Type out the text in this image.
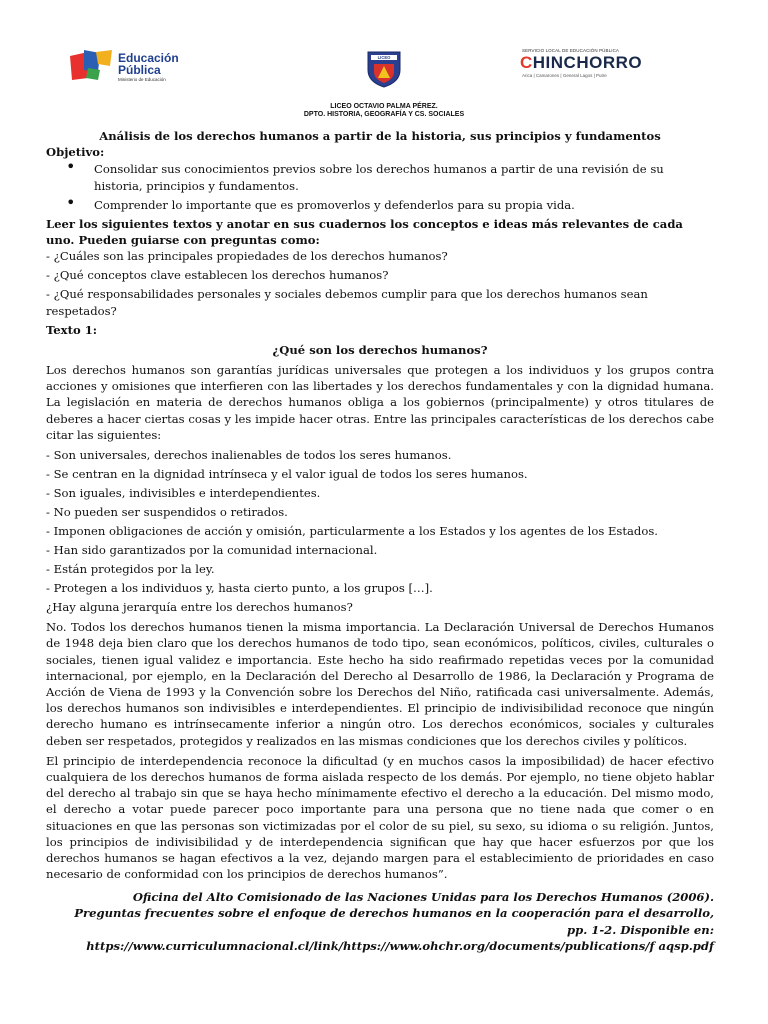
Educación
Pública
Ministerio de Educación
LICEO
SERVICIO LOCAL DE EDUCACIÓN PÚBLICA
CHINCHORRO
Arica | Camarones | General Lagos | Putre
LICEO OCTAVIO PALMA PÉREZ.
DPTO. HISTORIA, GEOGRAFÍA Y CS. SOCIALES

Análisis de los derechos humanos a partir de la historia, sus principios y fundamentos

Objetivo:

• Consolidar sus conocimientos previos sobre los derechos humanos a partir de una revisión de su historia, principios y fundamentos.
• Comprender lo importante que es promoverlos y defenderlos para su propia vida.

Leer los siguientes textos y anotar en sus cuadernos los conceptos e ideas más relevantes de cada uno. Pueden guiarse con preguntas como:

- ¿Cuáles son las principales propiedades de los derechos humanos?

- ¿Qué conceptos clave establecen los derechos humanos?

- ¿Qué responsabilidades personales y sociales debemos cumplir para que los derechos humanos sean respetados?

Texto 1:

¿Qué son los derechos humanos?

Los derechos humanos son garantías jurídicas universales que protegen a los individuos y los grupos contra acciones y omisiones que interfieren con las libertades y los derechos fundamentales y con la dignidad humana. La legislación en materia de derechos humanos obliga a los gobiernos (principalmente) y otros titulares de deberes a hacer ciertas cosas y les impide hacer otras. Entre las principales características de los derechos cabe citar las siguientes:

- Son universales, derechos inalienables de todos los seres humanos.

- Se centran en la dignidad intrínseca y el valor igual de todos los seres humanos.

- Son iguales, indivisibles e interdependientes.

- No pueden ser suspendidos o retirados.

- Imponen obligaciones de acción y omisión, particularmente a los Estados y los agentes de los Estados.

- Han sido garantizados por la comunidad internacional.

- Están protegidos por la ley.

- Protegen a los individuos y, hasta cierto punto, a los grupos […].

¿Hay alguna jerarquía entre los derechos humanos?

No. Todos los derechos humanos tienen la misma importancia. La Declaración Universal de Derechos Humanos de 1948 deja bien claro que los derechos humanos de todo tipo, sean económicos, políticos, civiles, culturales o sociales, tienen igual validez e importancia. Este hecho ha sido reafirmado repetidas veces por la comunidad internacional, por ejemplo, en la Declaración del Derecho al Desarrollo de 1986, la Declaración y Programa de Acción de Viena de 1993 y la Convención sobre los Derechos del Niño, ratificada casi universalmente. Además, los derechos humanos son indivisibles e interdependientes. El principio de indivisibilidad reconoce que ningún derecho humano es intrínsecamente inferior a ningún otro. Los derechos económicos, sociales y culturales deben ser respetados, protegidos y realizados en las mismas condiciones que los derechos civiles y políticos.

El principio de interdependencia reconoce la dificultad (y en muchos casos la imposibilidad) de hacer efectivo cualquiera de los derechos humanos de forma aislada respecto de los demás. Por ejemplo, no tiene objeto hablar del derecho al trabajo sin que se haya hecho mínimamente efectivo el derecho a la educación. Del mismo modo, el derecho a votar puede parecer poco importante para una persona que no tiene nada que comer o en situaciones en que las personas son victimizadas por el color de su piel, su sexo, su idioma o su religión. Juntos, los principios de indivisibilidad y de interdependencia significan que hay que hacer esfuerzos por que los derechos humanos se hagan efectivos a la vez, dejando margen para el establecimiento de prioridades en caso necesario de conformidad con los principios de derechos humanos”.

Oficina del Alto Comisionado de las Naciones Unidas para los Derechos Humanos (2006). Preguntas frecuentes sobre el enfoque de derechos humanos en la cooperación para el desarrollo, pp. 1-2. Disponible en: https://www.curriculumnacional.cl/link/https://www.ohchr.org/documents/publications/f aqsp.pdf
